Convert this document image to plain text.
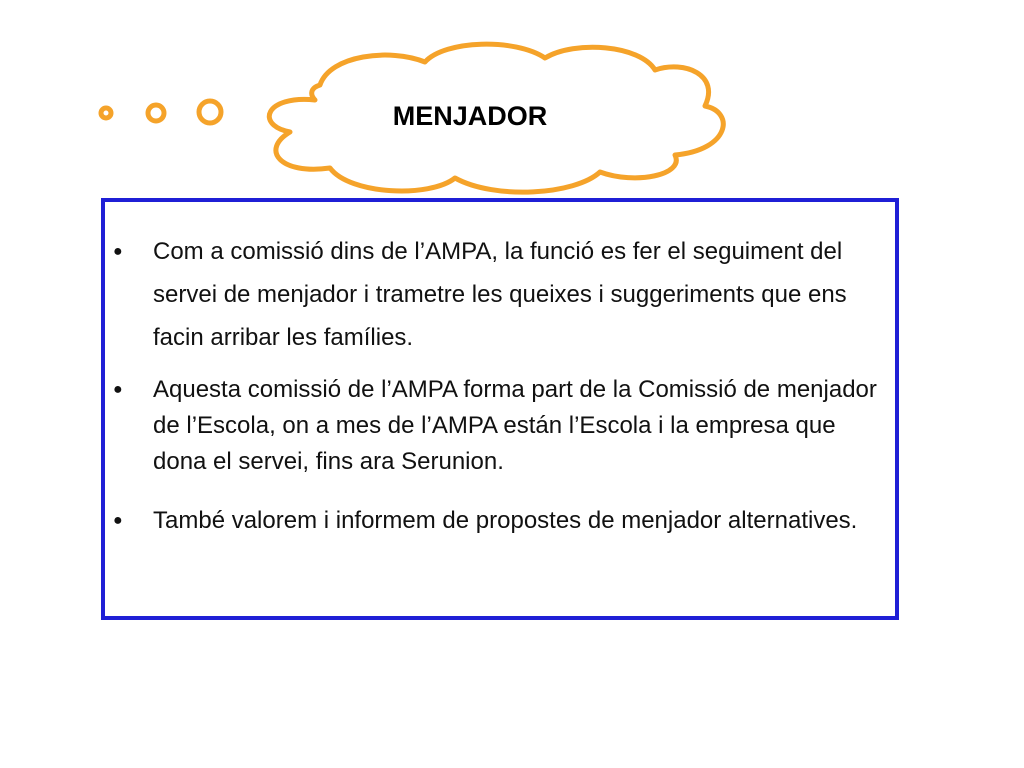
MENJADOR
● Com a comissió dins de l’AMPA, la funció es fer el seguiment del servei de menjador i trametre les queixes i suggeriments que ens facin arribar les famílies.
● Aquesta comissió de l’AMPA forma part de la Comissió de menjador de l’Escola, on a mes de l’AMPA están l’Escola i la empresa que dona el servei, fins ara Serunion.
● També valorem i informem de propostes de menjador alternatives.
